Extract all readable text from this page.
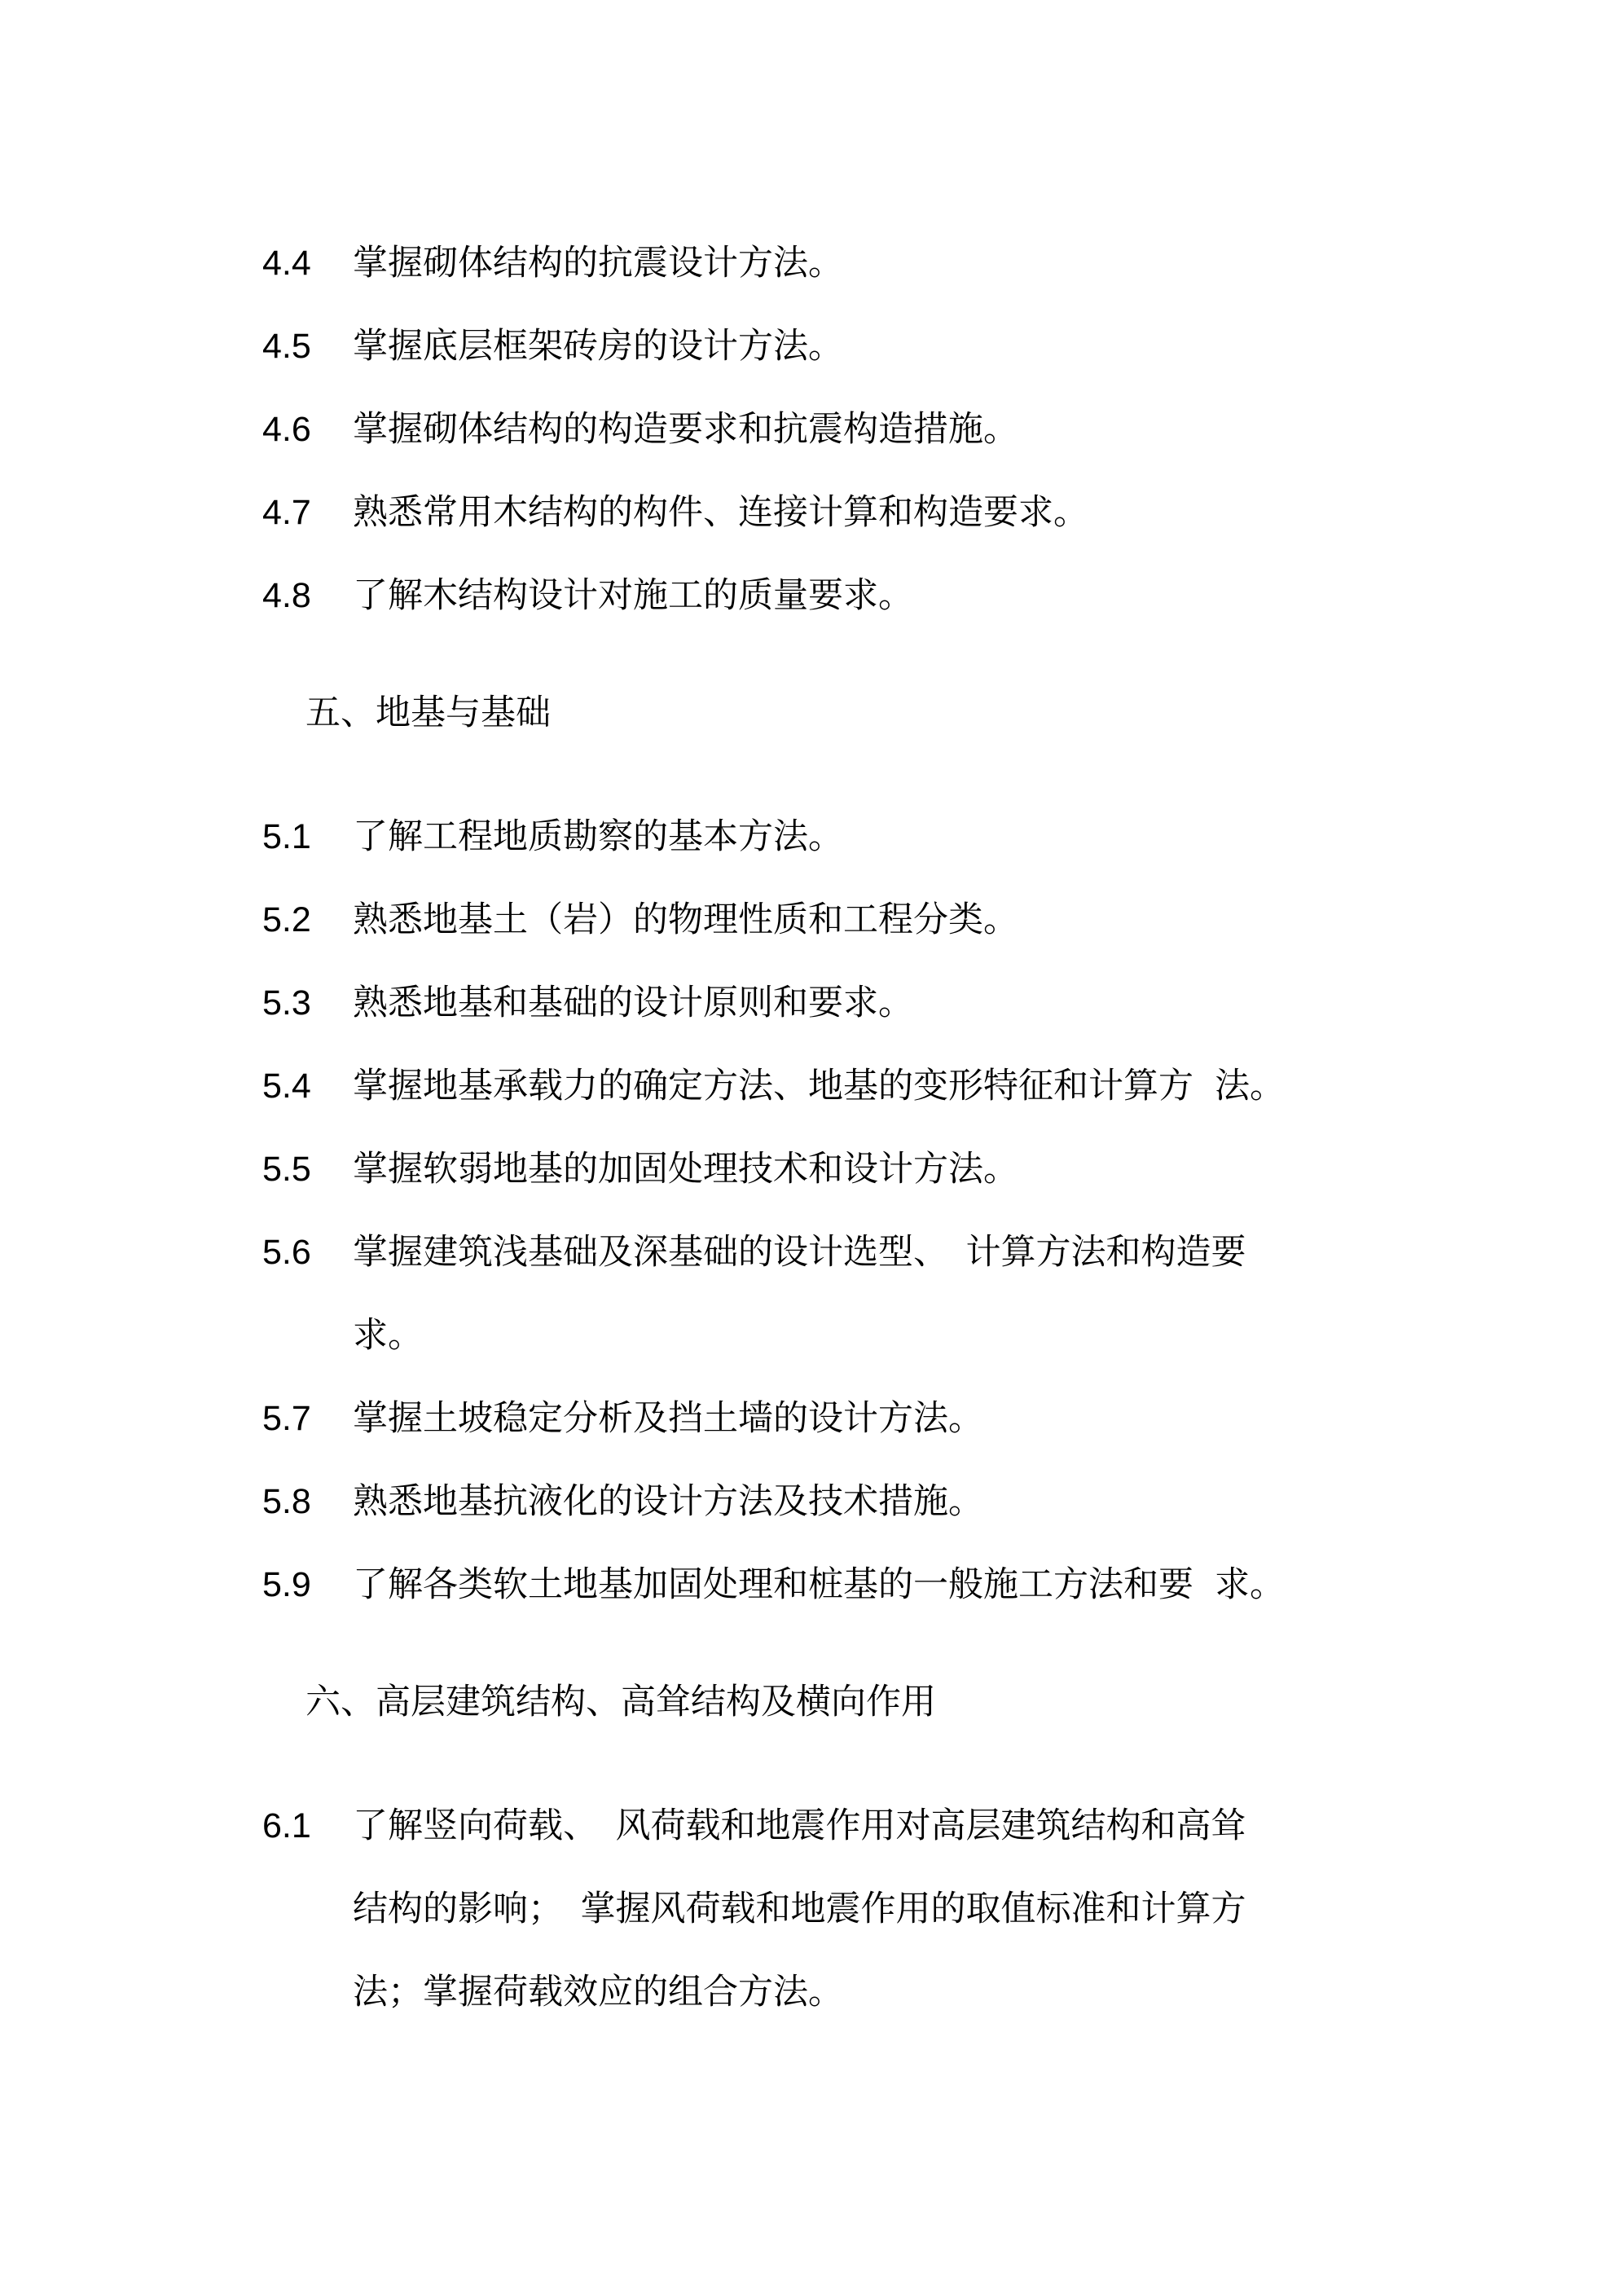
4.4 掌握砌体结构的抗震设计方法。
4.5 掌握底层框架砖房的设计方法。
4.6 掌握砌体结构的构造要求和抗震构造措施。
4.7 熟悉常用木结构的构件、连接计算和构造要求。
4.8 了解木结构设计对施工的质量要求。
五、地基与基础
5.1 了解工程地质勘察的基本方法。
5.2 熟悉地基土（岩）的物理性质和工程分类。
5.3 熟悉地基和基础的设计原则和要求。
5.4 掌握地基承载力的确定方法、地基的变形特征和计算方 法。
5.5 掌握软弱地基的加固处理技术和设计方法。
5.6 掌握建筑浅基础及深基础的设计选型、　计算方法和构造要
求。
5.7 掌握土坡稳定分析及挡土墙的设计方法。
5.8 熟悉地基抗液化的设计方法及技术措施。
5.9 了解各类软土地基加固处理和桩基的一般施工方法和要 求。
六、高层建筑结构、高耸结构及横向作用
6.1 了解竖向荷载、　风荷载和地震作用对高层建筑结构和高耸
结构的影响；　掌握风荷载和地震作用的取值标准和计算方
法；掌握荷载效应的组合方法。
